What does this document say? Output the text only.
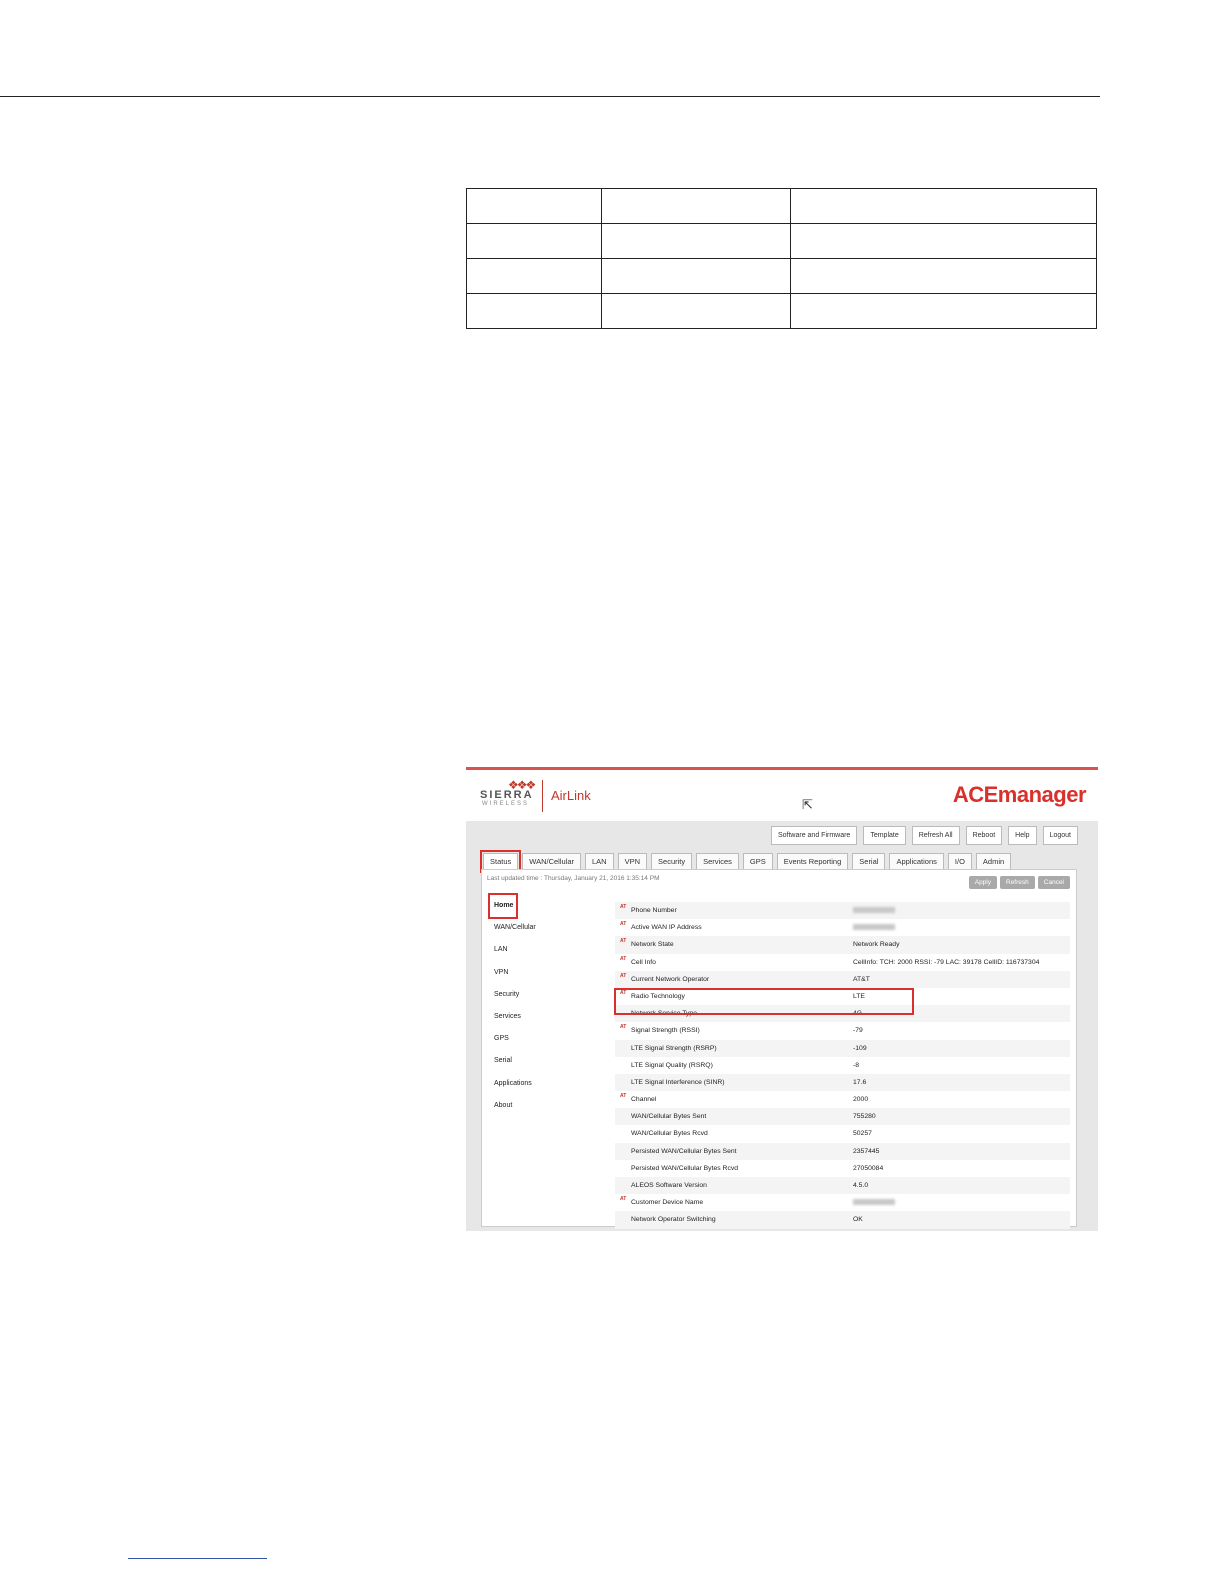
❖❖❖
SIERRA
WIRELESS
AirLink
⇱	ACEmanager
Software and Firmware	Template	Refresh All	Reboot	Help	Logout
Status	WAN/Cellular	LAN	VPN	Security	Services	GPS	Events Reporting	Serial	Applications	I/O	Admin
Last updated time : Thursday, January 21, 2016 1:35:14 PM
Apply	Refresh	Cancel
Home
WAN/Cellular
LAN
VPN
Security
Services
GPS
Serial
Applications
About
AT Phone Number
AT Active WAN IP Address
AT Network State	Network Ready
AT Cell Info	CellInfo: TCH: 2000 RSSI: -79 LAC: 39178 CellID: 116737304
AT Current Network Operator	AT&T
AT Radio Technology	LTE
Network Service Type	4G
AT Signal Strength (RSSI)	-79
LTE Signal Strength (RSRP)	-109
LTE Signal Quality (RSRQ)	-8
LTE Signal Interference (SINR)	17.6
AT Channel	2000
WAN/Cellular Bytes Sent	755280
WAN/Cellular Bytes Rcvd	50257
Persisted WAN/Cellular Bytes Sent	2357445
Persisted WAN/Cellular Bytes Rcvd	27050084
ALEOS Software Version	4.5.0
AT Customer Device Name
Network Operator Switching	OK
